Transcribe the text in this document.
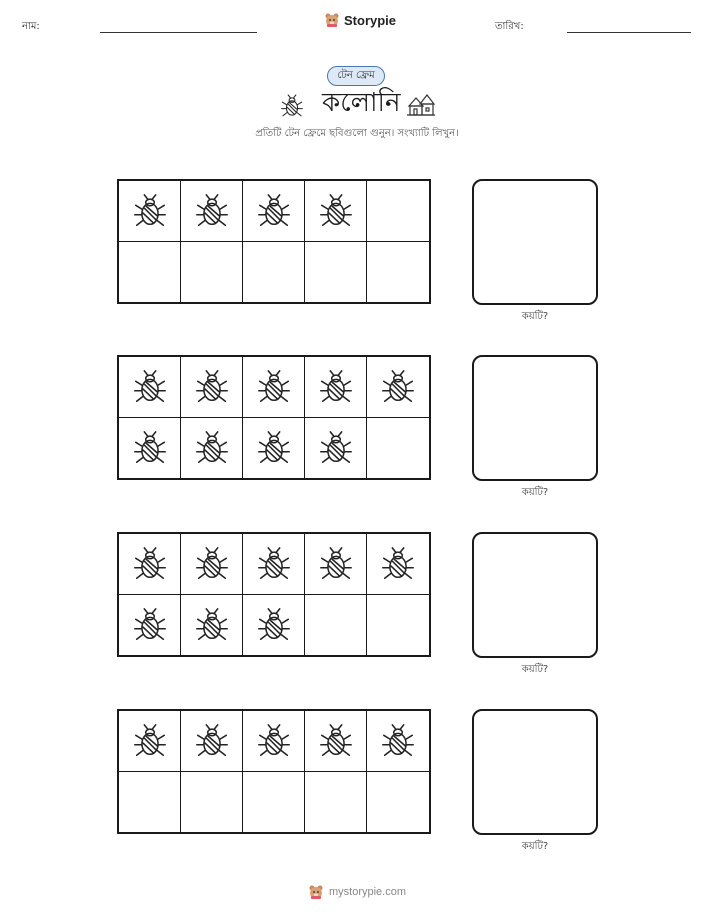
নাম:	Storypie	তারিখ:
টেন ফ্রেম
কলোনি
প্রতিটি টেন ফ্রেমে ছবিগুলো গুনুন। সংখ্যাটি লিখুন।
কয়টি?
কয়টি?
কয়টি?
কয়টি?
mystorypie.com
